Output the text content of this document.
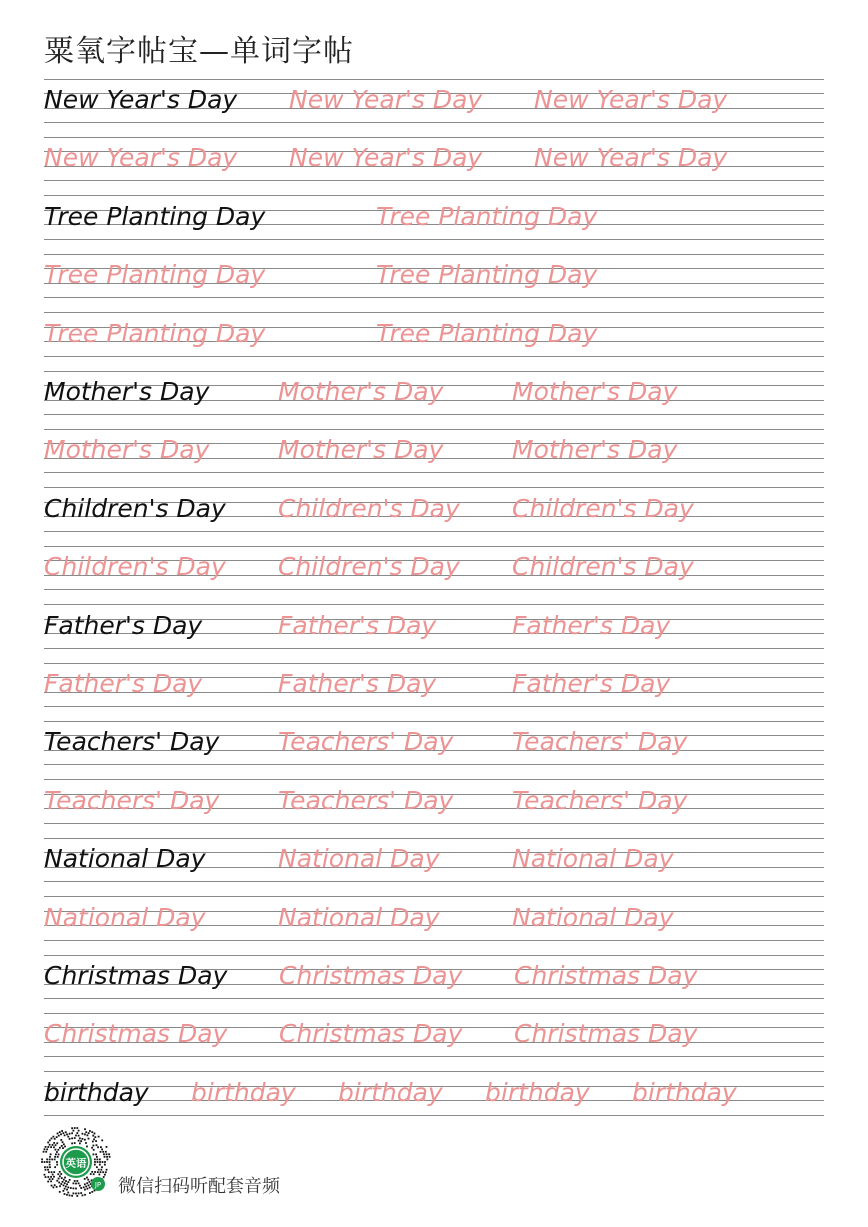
粟氧字帖宝—单词字帖
New Year's Day New Year's Day New Year's Day
New Year's Day New Year's Day New Year's Day
Tree Planting Day	Tree Planting Day
Tree Planting Day	Tree Planting Day
Tree Planting Day	Tree Planting Day
Mother's Day	Mother's Day	Mother's Day
Mother's Day	Mother's Day	Mother's Day
Children's Day Children's Day Children's Day
Children's Day Children's Day Children's Day
Father's Day	Father's Day	Father's Day
Father's Day	Father's Day	Father's Day
Teachers' Day Teachers' Day Teachers' Day
Teachers' Day Teachers' Day Teachers' Day
National Day	National Day	National Day
National Day	National Day	National Day
Christmas Day Christmas Day Christmas Day
Christmas Day Christmas Day Christmas Day
birthday birthday birthday birthday birthday
英语
JP 微信扫码听配套音频
